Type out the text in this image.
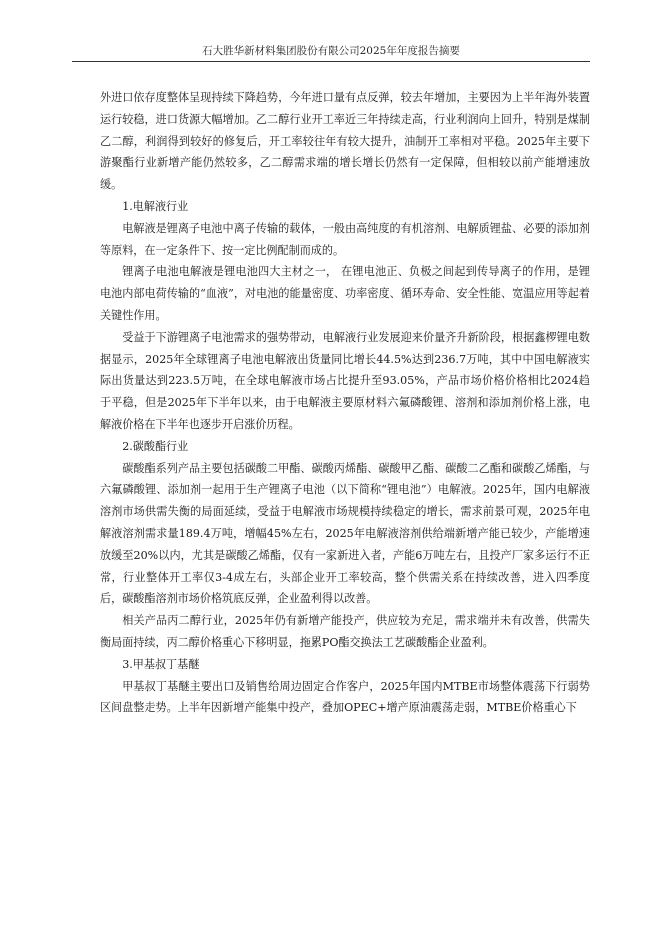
石大胜华新材料集团股份有限公司2025年年度报告摘要

外进口依存度整体呈现持续下降趋势，今年进口量有点反弹，较去年增加，主要因为上半年海外装置运行较稳，进口货源大幅增加。乙二醇行业开工率近三年持续走高，行业利润向上回升，特别是煤制乙二醇，利润得到较好的修复后，开工率较往年有较大提升，油制开工率相对平稳。2025年主要下游聚酯行业新增产能仍然较多，乙二醇需求端的增长增长仍然有一定保障，但相较以前产能增速放缓。

1.电解液行业

电解液是锂离子电池中离子传输的载体，一般由高纯度的有机溶剂、电解质锂盐、必要的添加剂等原料，在一定条件下、按一定比例配制而成的。

锂离子电池电解液是锂电池四大主材之一， 在锂电池正、负极之间起到传导离子的作用，是锂电池内部电荷传输的“血液”，对电池的能量密度、功率密度、循环寿命、安全性能、宽温应用等起着关键性作用。

受益于下游锂离子电池需求的强势带动，电解液行业发展迎来价量齐升新阶段，根据鑫椤锂电数据显示，2025年全球锂离子电池电解液出货量同比增长44.5%达到236.7万吨，其中中国电解液实际出货量达到223.5万吨，在全球电解液市场占比提升至93.05%，产品市场价格价格相比2024趋于平稳，但是2025年下半年以来，由于电解液主要原材料六氟磷酸锂、溶剂和添加剂价格上涨，电解液价格在下半年也逐步开启涨价历程。

2.碳酸酯行业

碳酸酯系列产品主要包括碳酸二甲酯、碳酸丙烯酯、碳酸甲乙酯、碳酸二乙酯和碳酸乙烯酯，与六氟磷酸锂、添加剂一起用于生产锂离子电池（以下简称“锂电池”）电解液。2025年，国内电解液溶剂市场供需失衡的局面延续，受益于电解液市场规模持续稳定的增长，需求前景可观，2025年电解液溶剂需求量189.4万吨，增幅45%左右，2025年电解液溶剂供给端新增产能已较少，产能增速放缓至20%以内，尤其是碳酸乙烯酯，仅有一家新进入者，产能6万吨左右，且投产厂家多运行不正常，行业整体开工率仅3-4成左右，头部企业开工率较高，整个供需关系在持续改善，进入四季度后，碳酸酯溶剂市场价格筑底反弹，企业盈利得以改善。

相关产品丙二醇行业，2025年仍有新增产能投产，供应较为充足，需求端并未有改善，供需失衡局面持续，丙二醇价格重心下移明显，拖累PO酯交换法工艺碳酸酯企业盈利。

3.甲基叔丁基醚

甲基叔丁基醚主要出口及销售给周边固定合作客户，2025年国内MTBE市场整体震荡下行弱势区间盘整走势。上半年因新增产能集中投产，叠加OPEC+增产原油震荡走弱，MTBE价格重心下
